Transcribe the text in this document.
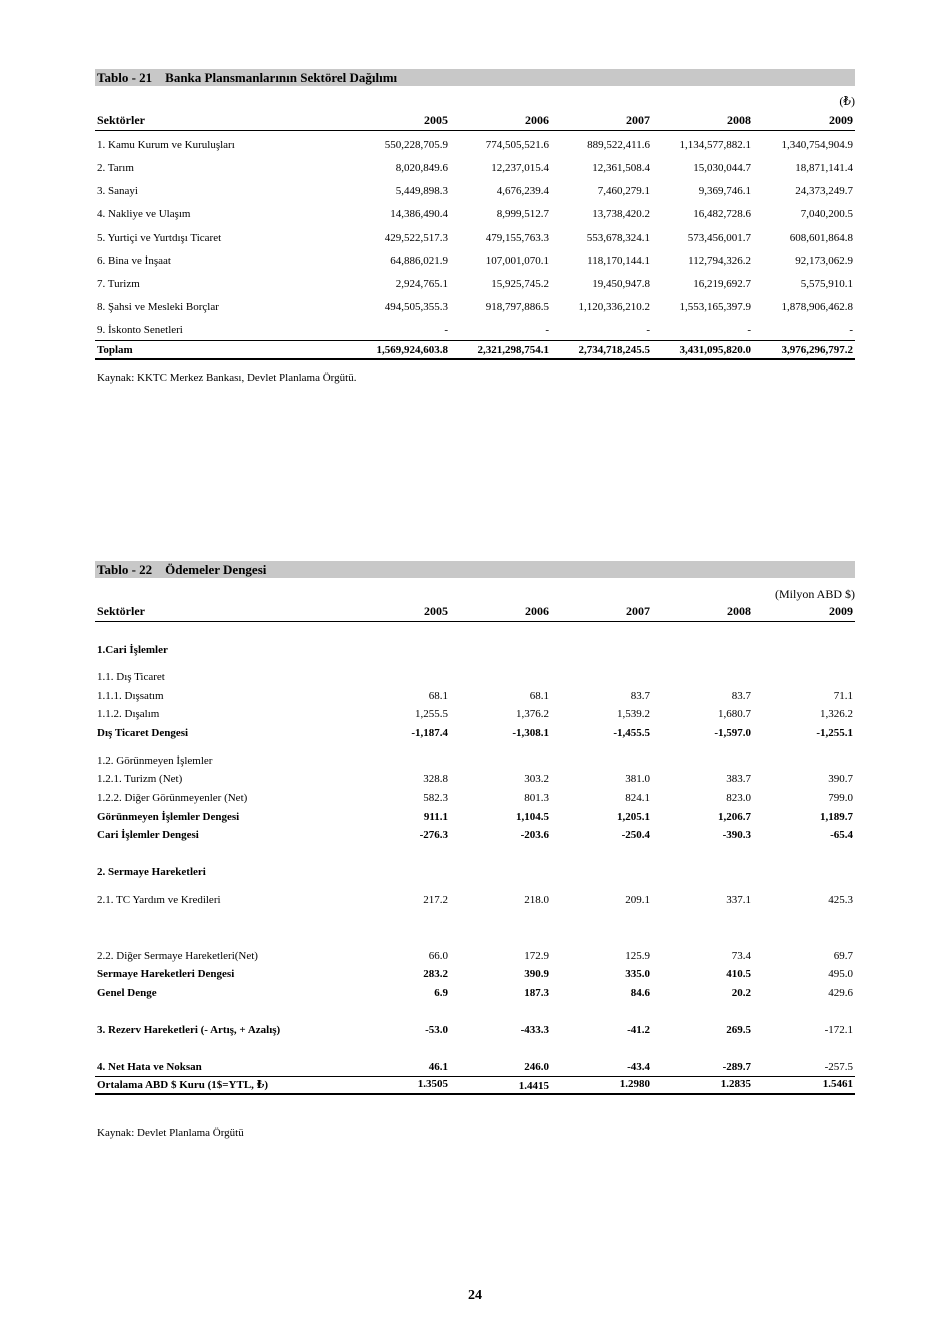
Tablo - 21 Banka Plansmanlarının Sektörel Dağılımı
(₺)
Sektörler	2005	2006	2007	2008	2009
1. Kamu Kurum ve Kuruluşları	550,228,705.9	774,505,521.6	889,522,411.6	1,134,577,882.1	1,340,754,904.9
2. Tarım	8,020,849.6	12,237,015.4	12,361,508.4	15,030,044.7	18,871,141.4
3. Sanayi	5,449,898.3	4,676,239.4	7,460,279.1	9,369,746.1	24,373,249.7
4. Nakliye ve Ulaşım	14,386,490.4	8,999,512.7	13,738,420.2	16,482,728.6	7,040,200.5
5. Yurtiçi ve Yurtdışı Ticaret	429,522,517.3	479,155,763.3	553,678,324.1	573,456,001.7	608,601,864.8
6. Bina ve İnşaat	64,886,021.9	107,001,070.1	118,170,144.1	112,794,326.2	92,173,062.9
7. Turizm	2,924,765.1	15,925,745.2	19,450,947.8	16,219,692.7	5,575,910.1
8. Şahsi ve Mesleki Borçlar	494,505,355.3	918,797,886.5	1,120,336,210.2	1,553,165,397.9	1,878,906,462.8
9. İskonto Senetleri	-	-	-	-	-
Toplam	1,569,924,603.8	2,321,298,754.1	2,734,718,245.5	3,431,095,820.0	3,976,296,797.2
Kaynak: KKTC Merkez Bankası, Devlet Planlama Örgütü.
Tablo - 22 Ödemeler Dengesi
(Milyon ABD $)
Sektörler	2005	2006	2007	2008	2009
1.Cari İşlemler
1.1. Dış Ticaret
1.1.1. Dışsatım	68.1	68.1	83.7	83.7	71.1
1.1.2. Dışalım	1,255.5	1,376.2	1,539.2	1,680.7	1,326.2
Dış Ticaret Dengesi	-1,187.4	-1,308.1	-1,455.5	-1,597.0	-1,255.1
1.2. Görünmeyen İşlemler
1.2.1. Turizm (Net)	328.8	303.2	381.0	383.7	390.7
1.2.2. Diğer Görünmeyenler (Net)	582.3	801.3	824.1	823.0	799.0
Görünmeyen İşlemler Dengesi	911.1	1,104.5	1,205.1	1,206.7	1,189.7
Cari İşlemler Dengesi	-276.3	-203.6	-250.4	-390.3	-65.4
2. Sermaye Hareketleri
2.1. TC Yardım ve Kredileri	217.2	218.0	209.1	337.1	425.3
2.2. Diğer Sermaye Hareketleri(Net)	66.0	172.9	125.9	73.4	69.7
Sermaye Hareketleri Dengesi	283.2	390.9	335.0	410.5	495.0
Genel Denge	6.9	187.3	84.6	20.2	429.6
3. Rezerv Hareketleri (- Artış, + Azalış)	-53.0	-433.3	-41.2	269.5	-172.1
4. Net Hata ve Noksan	46.1	246.0	-43.4	-289.7	-257.5
Ortalama ABD $ Kuru (1$=YTL, ₺)	1.3505	1.4415	1.2980	1.2835	1.5461
Kaynak: Devlet Planlama Örgütü
24
